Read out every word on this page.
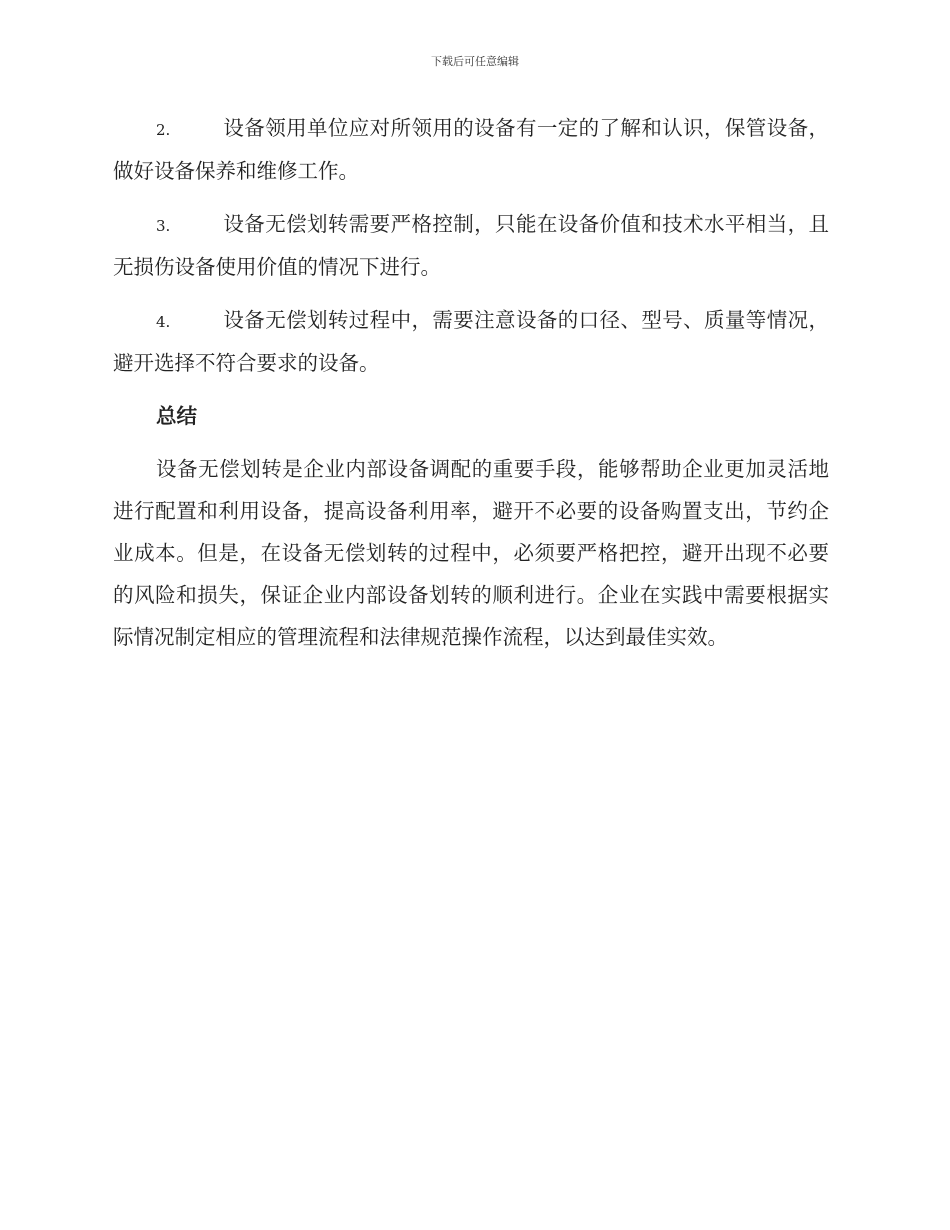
下载后可任意编辑

2.	设备领用单位应对所领用的设备有一定的了解和认识，保管设备，做好设备保养和维修工作。

3.	设备无偿划转需要严格控制，只能在设备价值和技术水平相当，且无损伤设备使用价值的情况下进行。

4.	设备无偿划转过程中，需要注意设备的口径、型号、质量等情况，避开选择不符合要求的设备。

总结

设备无偿划转是企业内部设备调配的重要手段，能够帮助企业更加灵活地进行配置和利用设备，提高设备利用率，避开不必要的设备购置支出，节约企业成本。但是，在设备无偿划转的过程中，必须要严格把控，避开出现不必要的风险和损失，保证企业内部设备划转的顺利进行。企业在实践中需要根据实际情况制定相应的管理流程和法律规范操作流程，以达到最佳实效。
